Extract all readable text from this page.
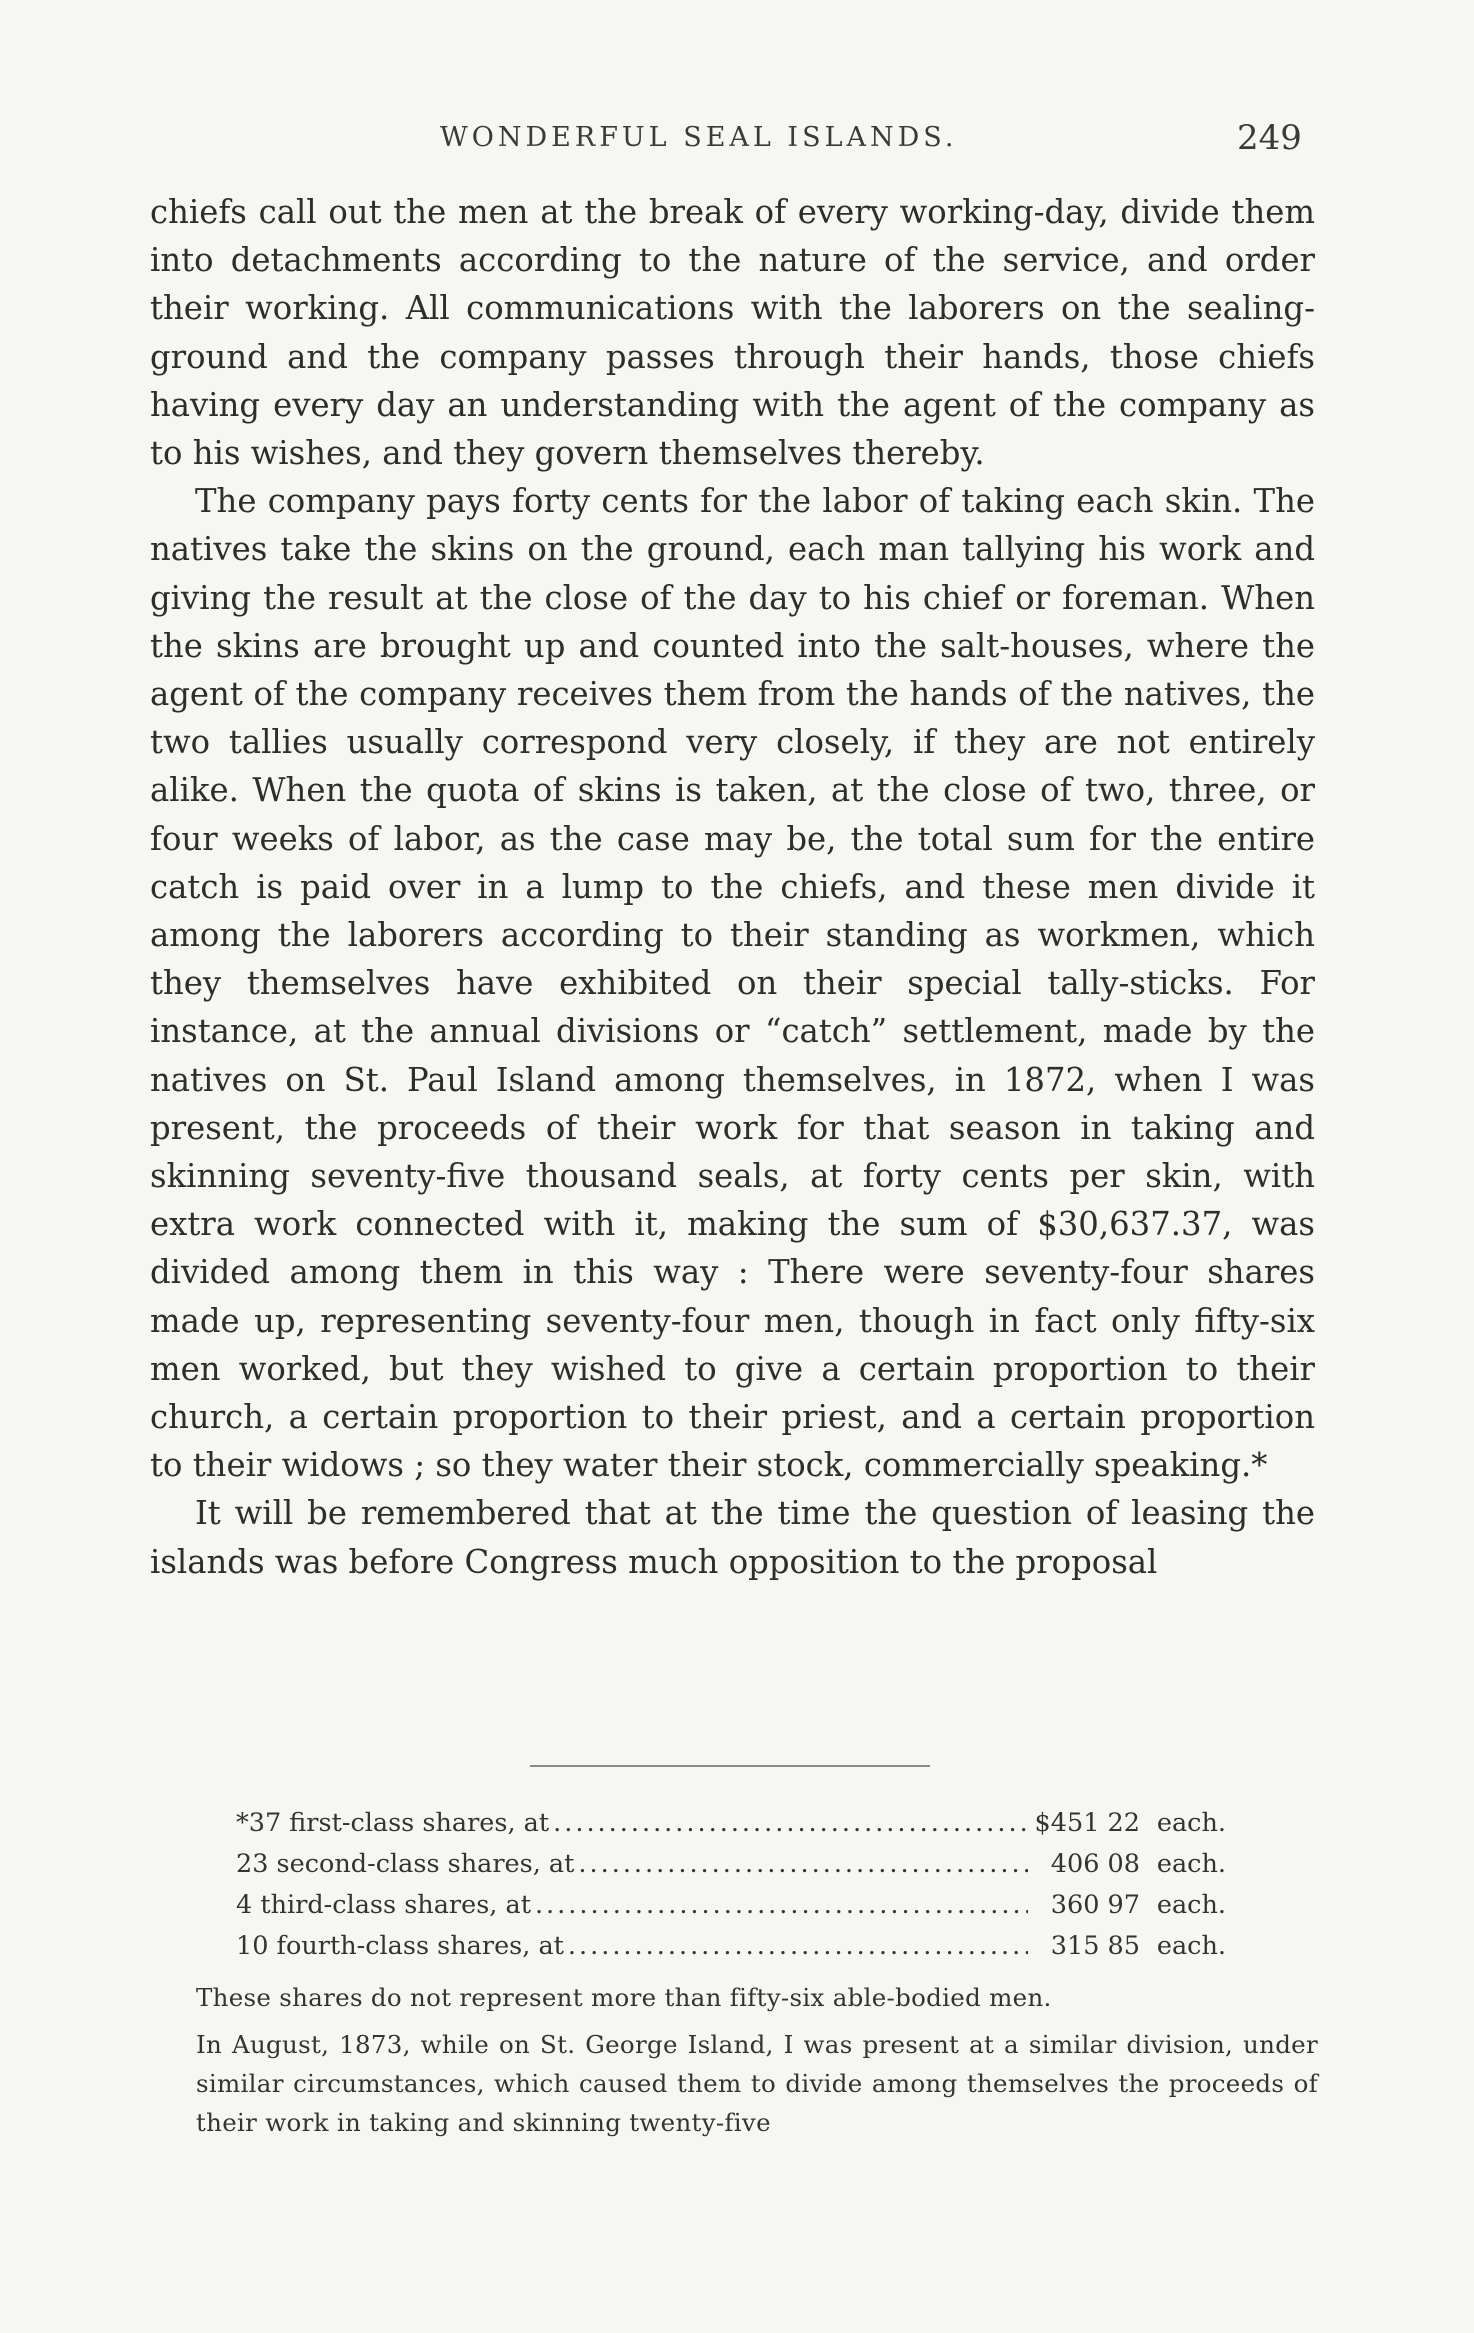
WONDERFUL SEAL ISLANDS.	249

chiefs call out the men at the break of every working-day, divide them into detachments according to the nature of the service, and order their working. All communications with the laborers on the sealing-ground and the company passes through their hands, those chiefs having every day an understanding with the agent of the company as to his wishes, and they govern themselves thereby.

The company pays forty cents for the labor of taking each skin. The natives take the skins on the ground, each man tallying his work and giving the result at the close of the day to his chief or foreman. When the skins are brought up and counted into the salt-houses, where the agent of the company receives them from the hands of the natives, the two tallies usually correspond very closely, if they are not entirely alike. When the quota of skins is taken, at the close of two, three, or four weeks of labor, as the case may be, the total sum for the entire catch is paid over in a lump to the chiefs, and these men divide it among the laborers according to their standing as workmen, which they themselves have exhibited on their special tally-sticks. For instance, at the annual divisions or “catch” settlement, made by the natives on St. Paul Island among themselves, in 1872, when I was present, the proceeds of their work for that season in taking and skinning seventy-five thousand seals, at forty cents per skin, with extra work connected with it, making the sum of $30,637.37, was divided among them in this way : There were seventy-four shares made up, representing seventy-four men, though in fact only fifty-six men worked, but they wished to give a certain proportion to their church, a certain proportion to their priest, and a certain proportion to their widows ; so they water their stock, commercially speaking.*

It will be remembered that at the time the question of leasing the islands was before Congress much opposition to the proposal

*37 first-class shares, at .....	$451 22 each.
23 second-class shares, at .....	406 08 each.
4 third-class shares, at .....	360 97 each.
10 fourth-class shares, at .....	315 85 each.

These shares do not represent more than fifty-six able-bodied men.

In August, 1873, while on St. George Island, I was present at a similar division, under similar circumstances, which caused them to divide among themselves the proceeds of their work in taking and skinning twenty-five
